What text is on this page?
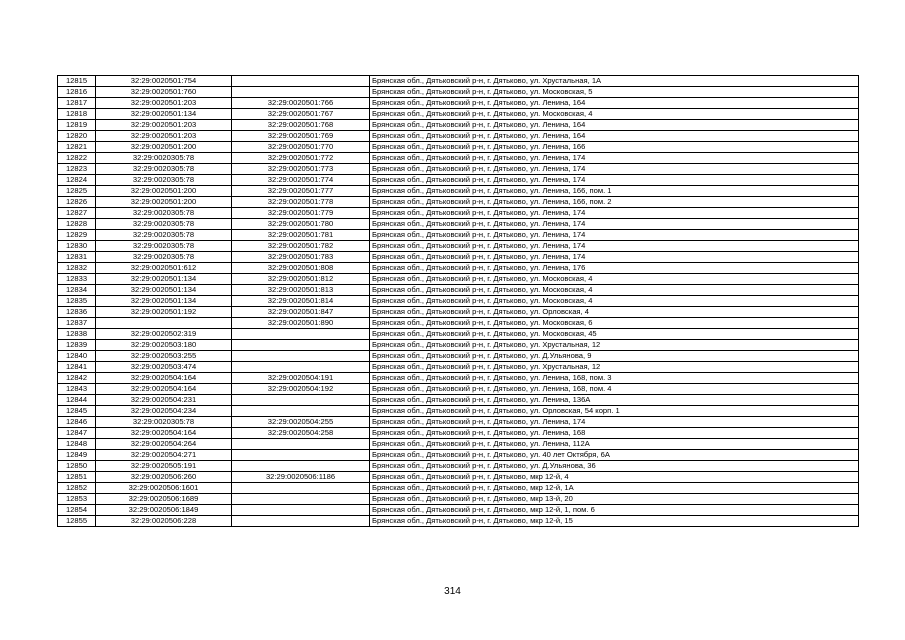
12815	32:29:0020501:754		Брянская обл., Дятьковский р-н, г. Дятьково, ул. Хрустальная, 1А
12816	32:29:0020501:760		Брянская обл., Дятьковский р-н, г. Дятьково, ул. Московская, 5
12817	32:29:0020501:203	32:29:0020501:766	Брянская обл., Дятьковский р-н, г. Дятьково, ул. Ленина, 164
12818	32:29:0020501:134	32:29:0020501:767	Брянская обл., Дятьковский р-н, г. Дятьково, ул. Московская, 4
12819	32:29:0020501:203	32:29:0020501:768	Брянская обл., Дятьковский р-н, г. Дятьково, ул. Ленина, 164
12820	32:29:0020501:203	32:29:0020501:769	Брянская обл., Дятьковский р-н, г. Дятьково, ул. Ленина, 164
12821	32:29:0020501:200	32:29:0020501:770	Брянская обл., Дятьковский р-н, г. Дятьково, ул. Ленина, 166
12822	32:29:0020305:78	32:29:0020501:772	Брянская обл., Дятьковский р-н, г. Дятьково, ул. Ленина, 174
12823	32:29:0020305:78	32:29:0020501:773	Брянская обл., Дятьковский р-н, г. Дятьково, ул. Ленина, 174
12824	32:29:0020305:78	32:29:0020501:774	Брянская обл., Дятьковский р-н, г. Дятьково, ул. Ленина, 174
12825	32:29:0020501:200	32:29:0020501:777	Брянская обл., Дятьковский р-н, г. Дятьково, ул. Ленина, 166, пом. 1
12826	32:29:0020501:200	32:29:0020501:778	Брянская обл., Дятьковский р-н, г. Дятьково, ул. Ленина, 166, пом. 2
12827	32:29:0020305:78	32:29:0020501:779	Брянская обл., Дятьковский р-н, г. Дятьково, ул. Ленина, 174
12828	32:29:0020305:78	32:29:0020501:780	Брянская обл., Дятьковский р-н, г. Дятьково, ул. Ленина, 174
12829	32:29:0020305:78	32:29:0020501:781	Брянская обл., Дятьковский р-н, г. Дятьково, ул. Ленина, 174
12830	32:29:0020305:78	32:29:0020501:782	Брянская обл., Дятьковский р-н, г. Дятьково, ул. Ленина, 174
12831	32:29:0020305:78	32:29:0020501:783	Брянская обл., Дятьковский р-н, г. Дятьково, ул. Ленина, 174
12832	32:29:0020501:612	32:29:0020501:808	Брянская обл., Дятьковский р-н, г. Дятьково, ул. Ленина, 176
12833	32:29:0020501:134	32:29:0020501:812	Брянская обл., Дятьковский р-н, г. Дятьково, ул. Московская, 4
12834	32:29:0020501:134	32:29:0020501:813	Брянская обл., Дятьковский р-н, г. Дятьково, ул. Московская, 4
12835	32:29:0020501:134	32:29:0020501:814	Брянская обл., Дятьковский р-н, г. Дятьково, ул. Московская, 4
12836	32:29:0020501:192	32:29:0020501:847	Брянская обл., Дятьковский р-н, г. Дятьково, ул. Орловская, 4
12837		32:29:0020501:890	Брянская обл., Дятьковский р-н, г. Дятьково, ул. Московская, 6
12838	32:29:0020502:319		Брянская обл., Дятьковский р-н, г. Дятьково, ул. Московская, 45
12839	32:29:0020503:180		Брянская обл., Дятьковский р-н, г. Дятьково, ул. Хрустальная, 12
12840	32:29:0020503:255		Брянская обл., Дятьковский р-н, г. Дятьково, ул. Д.Ульянова, 9
12841	32:29:0020503:474		Брянская обл., Дятьковский р-н, г. Дятьково, ул. Хрустальная, 12
12842	32:29:0020504:164	32:29:0020504:191	Брянская обл., Дятьковский р-н, г. Дятьково, ул. Ленина, 168, пом. 3
12843	32:29:0020504:164	32:29:0020504:192	Брянская обл., Дятьковский р-н, г. Дятьково, ул. Ленина, 168, пом. 4
12844	32:29:0020504:231		Брянская обл., Дятьковский р-н, г. Дятьково, ул. Ленина, 136А
12845	32:29:0020504:234		Брянская обл., Дятьковский р-н, г. Дятьково, ул. Орловская, 54 корп. 1
12846	32:29:0020305:78	32:29:0020504:255	Брянская обл., Дятьковский р-н, г. Дятьково, ул. Ленина, 174
12847	32:29:0020504:164	32:29:0020504:258	Брянская обл., Дятьковский р-н, г. Дятьково, ул. Ленина, 168
12848	32:29:0020504:264		Брянская обл., Дятьковский р-н, г. Дятьково, ул. Ленина, 112А
12849	32:29:0020504:271		Брянская обл., Дятьковский р-н, г. Дятьково, ул. 40 лет Октября, 6А
12850	32:29:0020505:191		Брянская обл., Дятьковский р-н, г. Дятьково, ул. Д.Ульянова, 36
12851	32:29:0020506:260	32:29:0020506:1186	Брянская обл., Дятьковский р-н, г. Дятьково, мкр 12-й, 4
12852	32:29:0020506:1601		Брянская обл., Дятьковский р-н, г. Дятьково, мкр 12-й, 1А
12853	32:29:0020506:1689		Брянская обл., Дятьковский р-н, г. Дятьково, мкр 13-й, 20
12854	32:29:0020506:1849		Брянская обл., Дятьковский р-н, г. Дятьково, мкр 12-й, 1, пом. 6
12855	32:29:0020506:228		Брянская обл., Дятьковский р-н, г. Дятьково, мкр 12-й, 15
314
